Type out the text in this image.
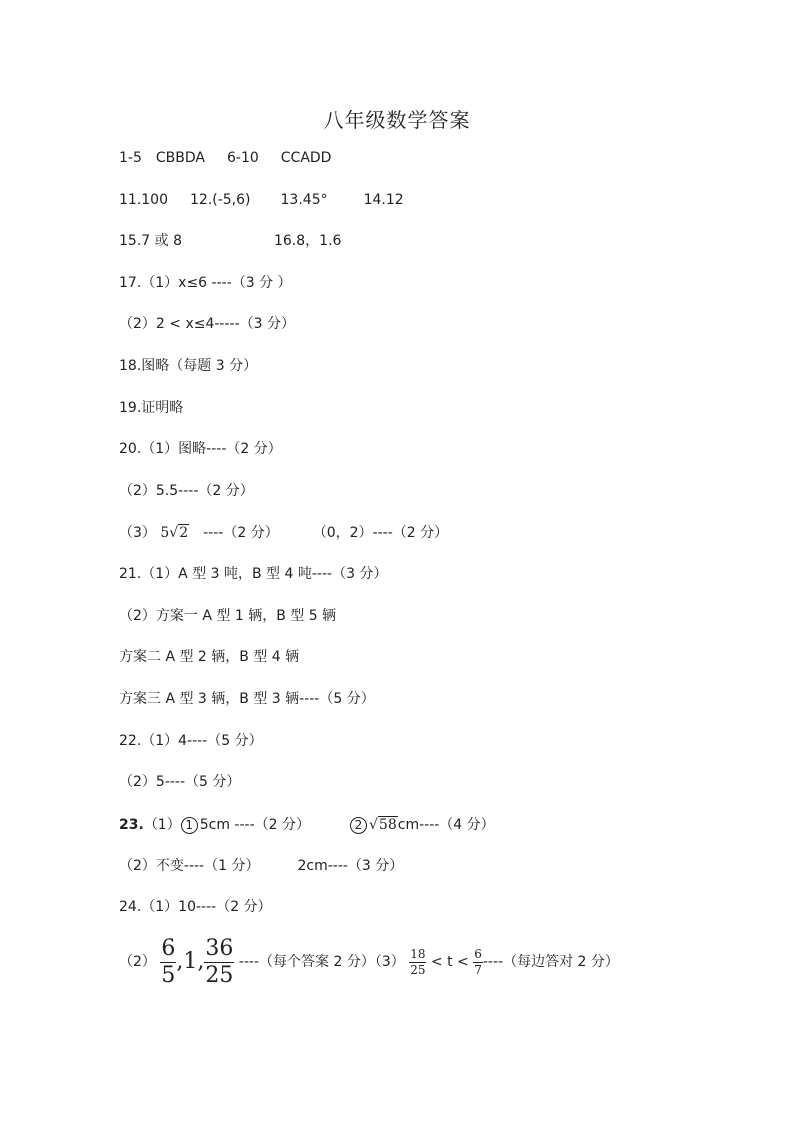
八年级数学答案
1-5 CBBDA 6-10 CCADD
11.100 12.(-5,6) 13.45°	14.12
15.7 或 8	16.8，1.6
17.（1）x≤6 ----（3 分 ）
（2）2 < x≤4-----（3 分）
18.图略（每题 3 分）
19.证明略
20.（1）图略----（2 分）
（2）5.5----（2 分）
（3） 5√2 ----（2 分） （0，2）----（2 分）
21.（1）A 型 3 吨，B 型 4 吨----（3 分）
（2）方案一 A 型 1 辆，B 型 5 辆
方案二 A 型 2 辆，B 型 4 辆
方案三 A 型 3 辆，B 型 3 辆----（5 分）
22.（1）4----（5 分）
（2）5----（5 分）
23.（1） 1 5cm ----（2 分）	2 √58cm----（4 分）
（2）不变----（1 分）	2cm----（3 分）
24.（1）10----（2 分）
$(2) \frac{6}{5} ,1$, $\frac{36}{25}$ ----（每个答案 2 分）$(3) \frac{18}{25} < t < \frac{6}{7}$ ----（每边答对 2 分）
